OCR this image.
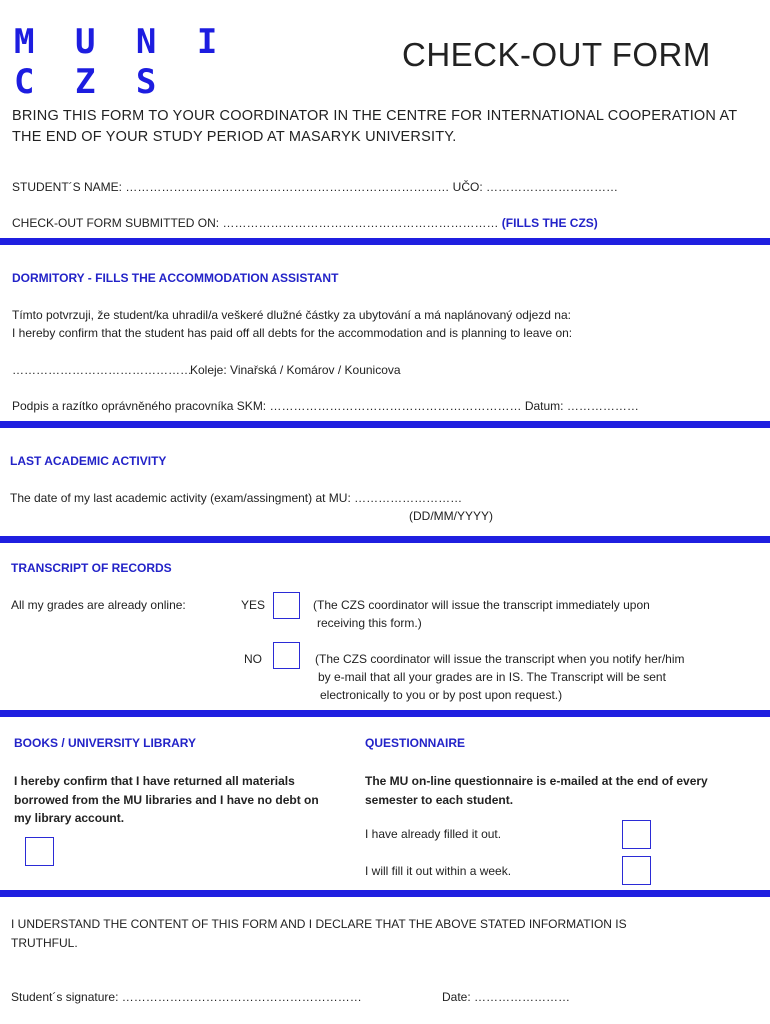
M U N I
C Z S
CHECK-OUT FORM
BRING THIS FORM TO YOUR COORDINATOR IN THE CENTRE FOR INTERNATIONAL COOPERATION AT THE END OF YOUR STUDY PERIOD AT MASARYK UNIVERSITY.
STUDENT´S NAME: ……………………………………………………………………… UČO: ……………………………
CHECK-OUT FORM SUBMITTED ON: …………………………………………………………… (FILLS THE CZS)
DORMITORY - FILLS THE ACCOMMODATION ASSISTANT
Tímto potvrzuji, že student/ka uhradil/a veškeré dlužné částky za ubytování a má naplánovaný odjezd na:
I hereby confirm that the student has paid off all debts for the accommodation and is planning to leave on:
………………………………………
Koleje: Vinařská / Komárov / Kounicova
Podpis a razítko oprávněného pracovníka SKM: ……………………………………………………… Datum: ………………
LAST ACADEMIC ACTIVITY
The date of my last academic activity (exam/assingment) at MU: ………………………
(DD/MM/YYYY)
TRANSCRIPT OF RECORDS
All my grades are already online:	YES	(The CZS coordinator will issue the transcript immediately upon
receiving this form.)
NO	(The CZS coordinator will issue the transcript when you notify her/him
by e-mail that all your grades are in IS. The Transcript will be sent
electronically to you or by post upon request.)
BOOKS / UNIVERSITY LIBRARY
I hereby confirm that I have returned all materials
borrowed from the MU libraries and I have no debt on
my library account.
QUESTIONNAIRE
The MU on-line questionnaire is e-mailed at the end of every
semester to each student.
I have already filled it out.
I will fill it out within a week.
I UNDERSTAND THE CONTENT OF THIS FORM AND I DECLARE THAT THE ABOVE STATED INFORMATION IS
TRUTHFUL.
Student´s signature: ……………………………………………………	Date: ……………………
